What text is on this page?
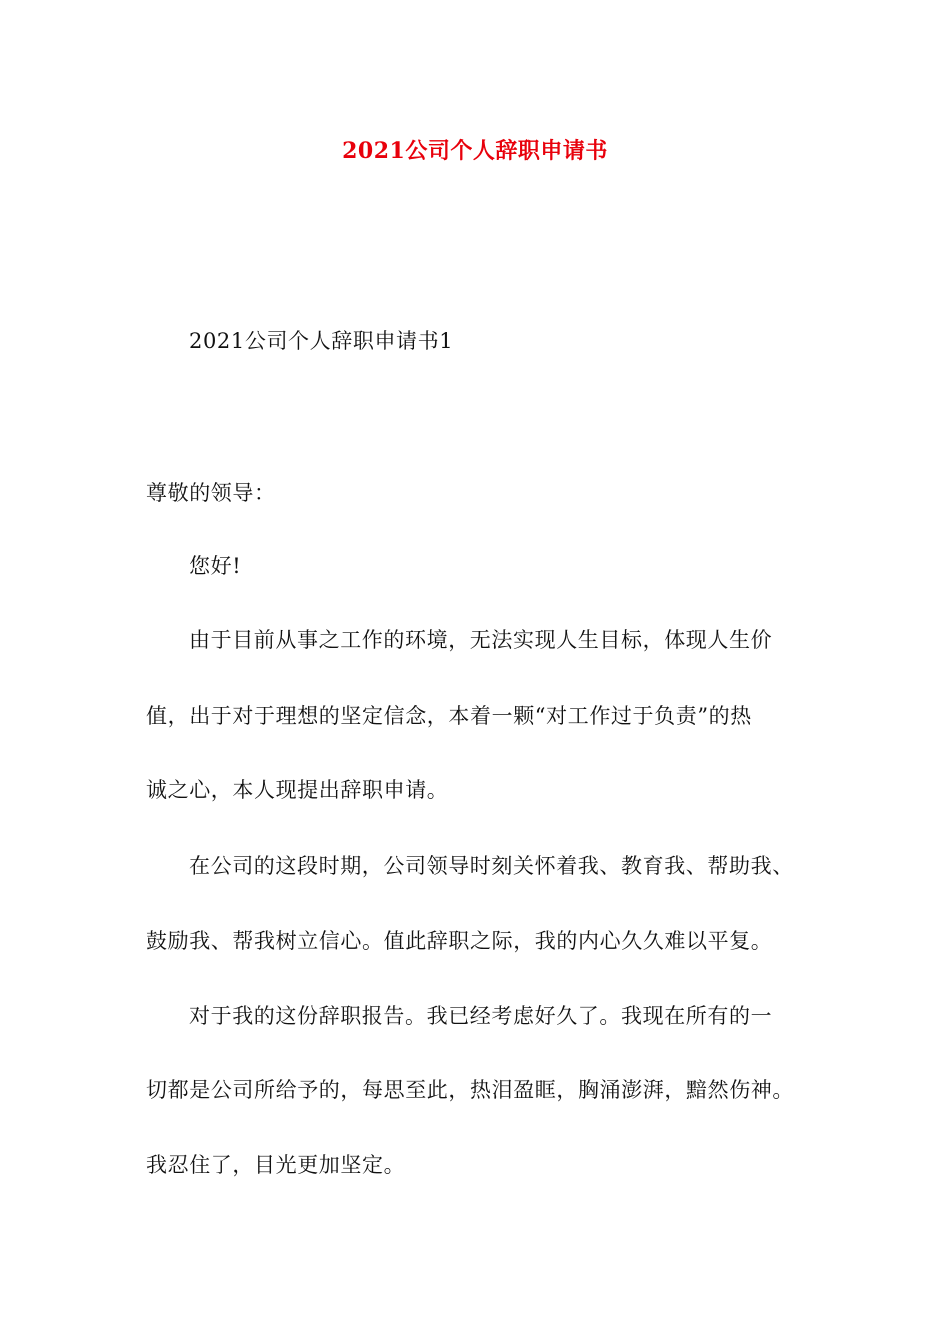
2021公司个人辞职申请书
2021公司个人辞职申请书1
尊敬的领导：
您好!
由于目前从事之工作的环境，无法实现人生目标，体现人生价
值，出于对于理想的坚定信念，本着一颗“对工作过于负责”的热
诚之心，本人现提出辞职申请。
在公司的这段时期，公司领导时刻关怀着我、教育我、帮助我、
鼓励我、帮我树立信心。值此辞职之际，我的内心久久难以平复。
对于我的这份辞职报告。我已经考虑好久了。我现在所有的一
切都是公司所给予的，每思至此，热泪盈眶，胸涌澎湃，黯然伤神。
我忍住了，目光更加坚定。
